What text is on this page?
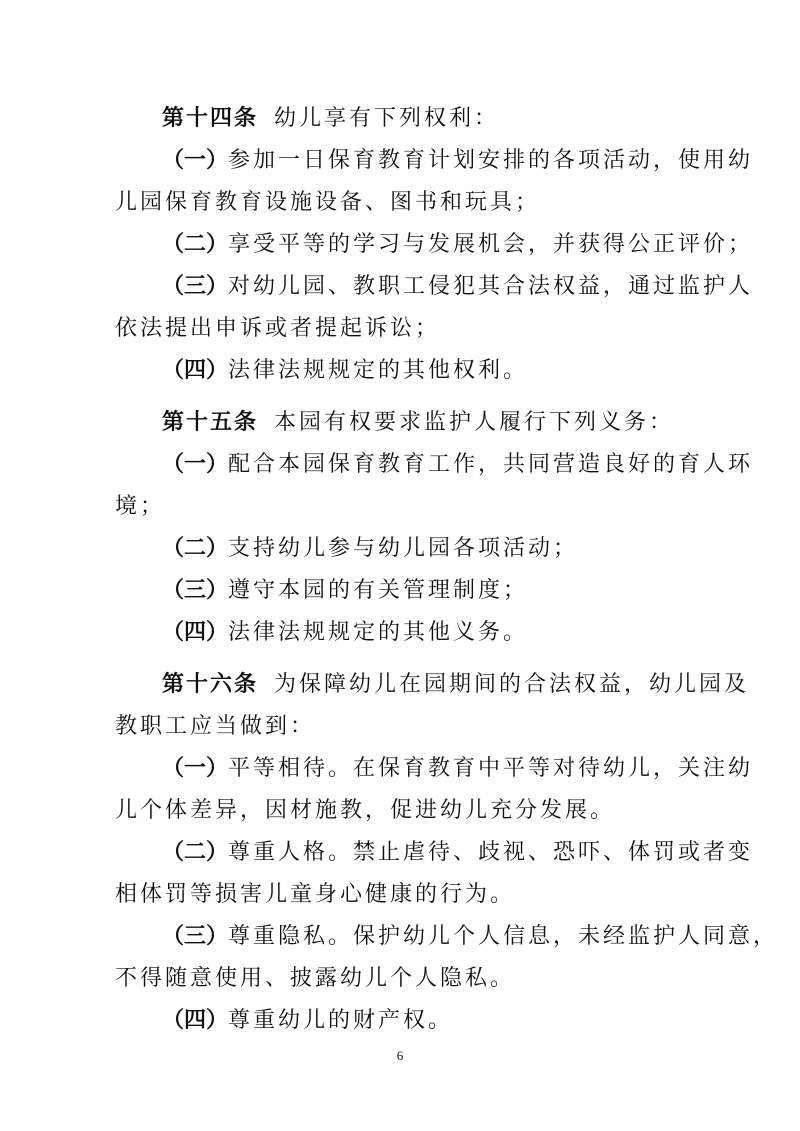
第十四条 幼儿享有下列权利：
（一）参加一日保育教育计划安排的各项活动，使用幼
儿园保育教育设施设备、图书和玩具；
（二）享受平等的学习与发展机会，并获得公正评价；
（三）对幼儿园、教职工侵犯其合法权益，通过监护人
依法提出申诉或者提起诉讼；
（四）法律法规规定的其他权利。
第十五条 本园有权要求监护人履行下列义务：
（一）配合本园保育教育工作，共同营造良好的育人环
境；
（二）支持幼儿参与幼儿园各项活动；
（三）遵守本园的有关管理制度；
（四）法律法规规定的其他义务。
第十六条 为保障幼儿在园期间的合法权益，幼儿园及
教职工应当做到：
（一）平等相待。在保育教育中平等对待幼儿，关注幼
儿个体差异，因材施教，促进幼儿充分发展。
（二）尊重人格。禁止虐待、歧视、恐吓、体罚或者变
相体罚等损害儿童身心健康的行为。
（三）尊重隐私。保护幼儿个人信息，未经监护人同意，
不得随意使用、披露幼儿个人隐私。
（四）尊重幼儿的财产权。
6
